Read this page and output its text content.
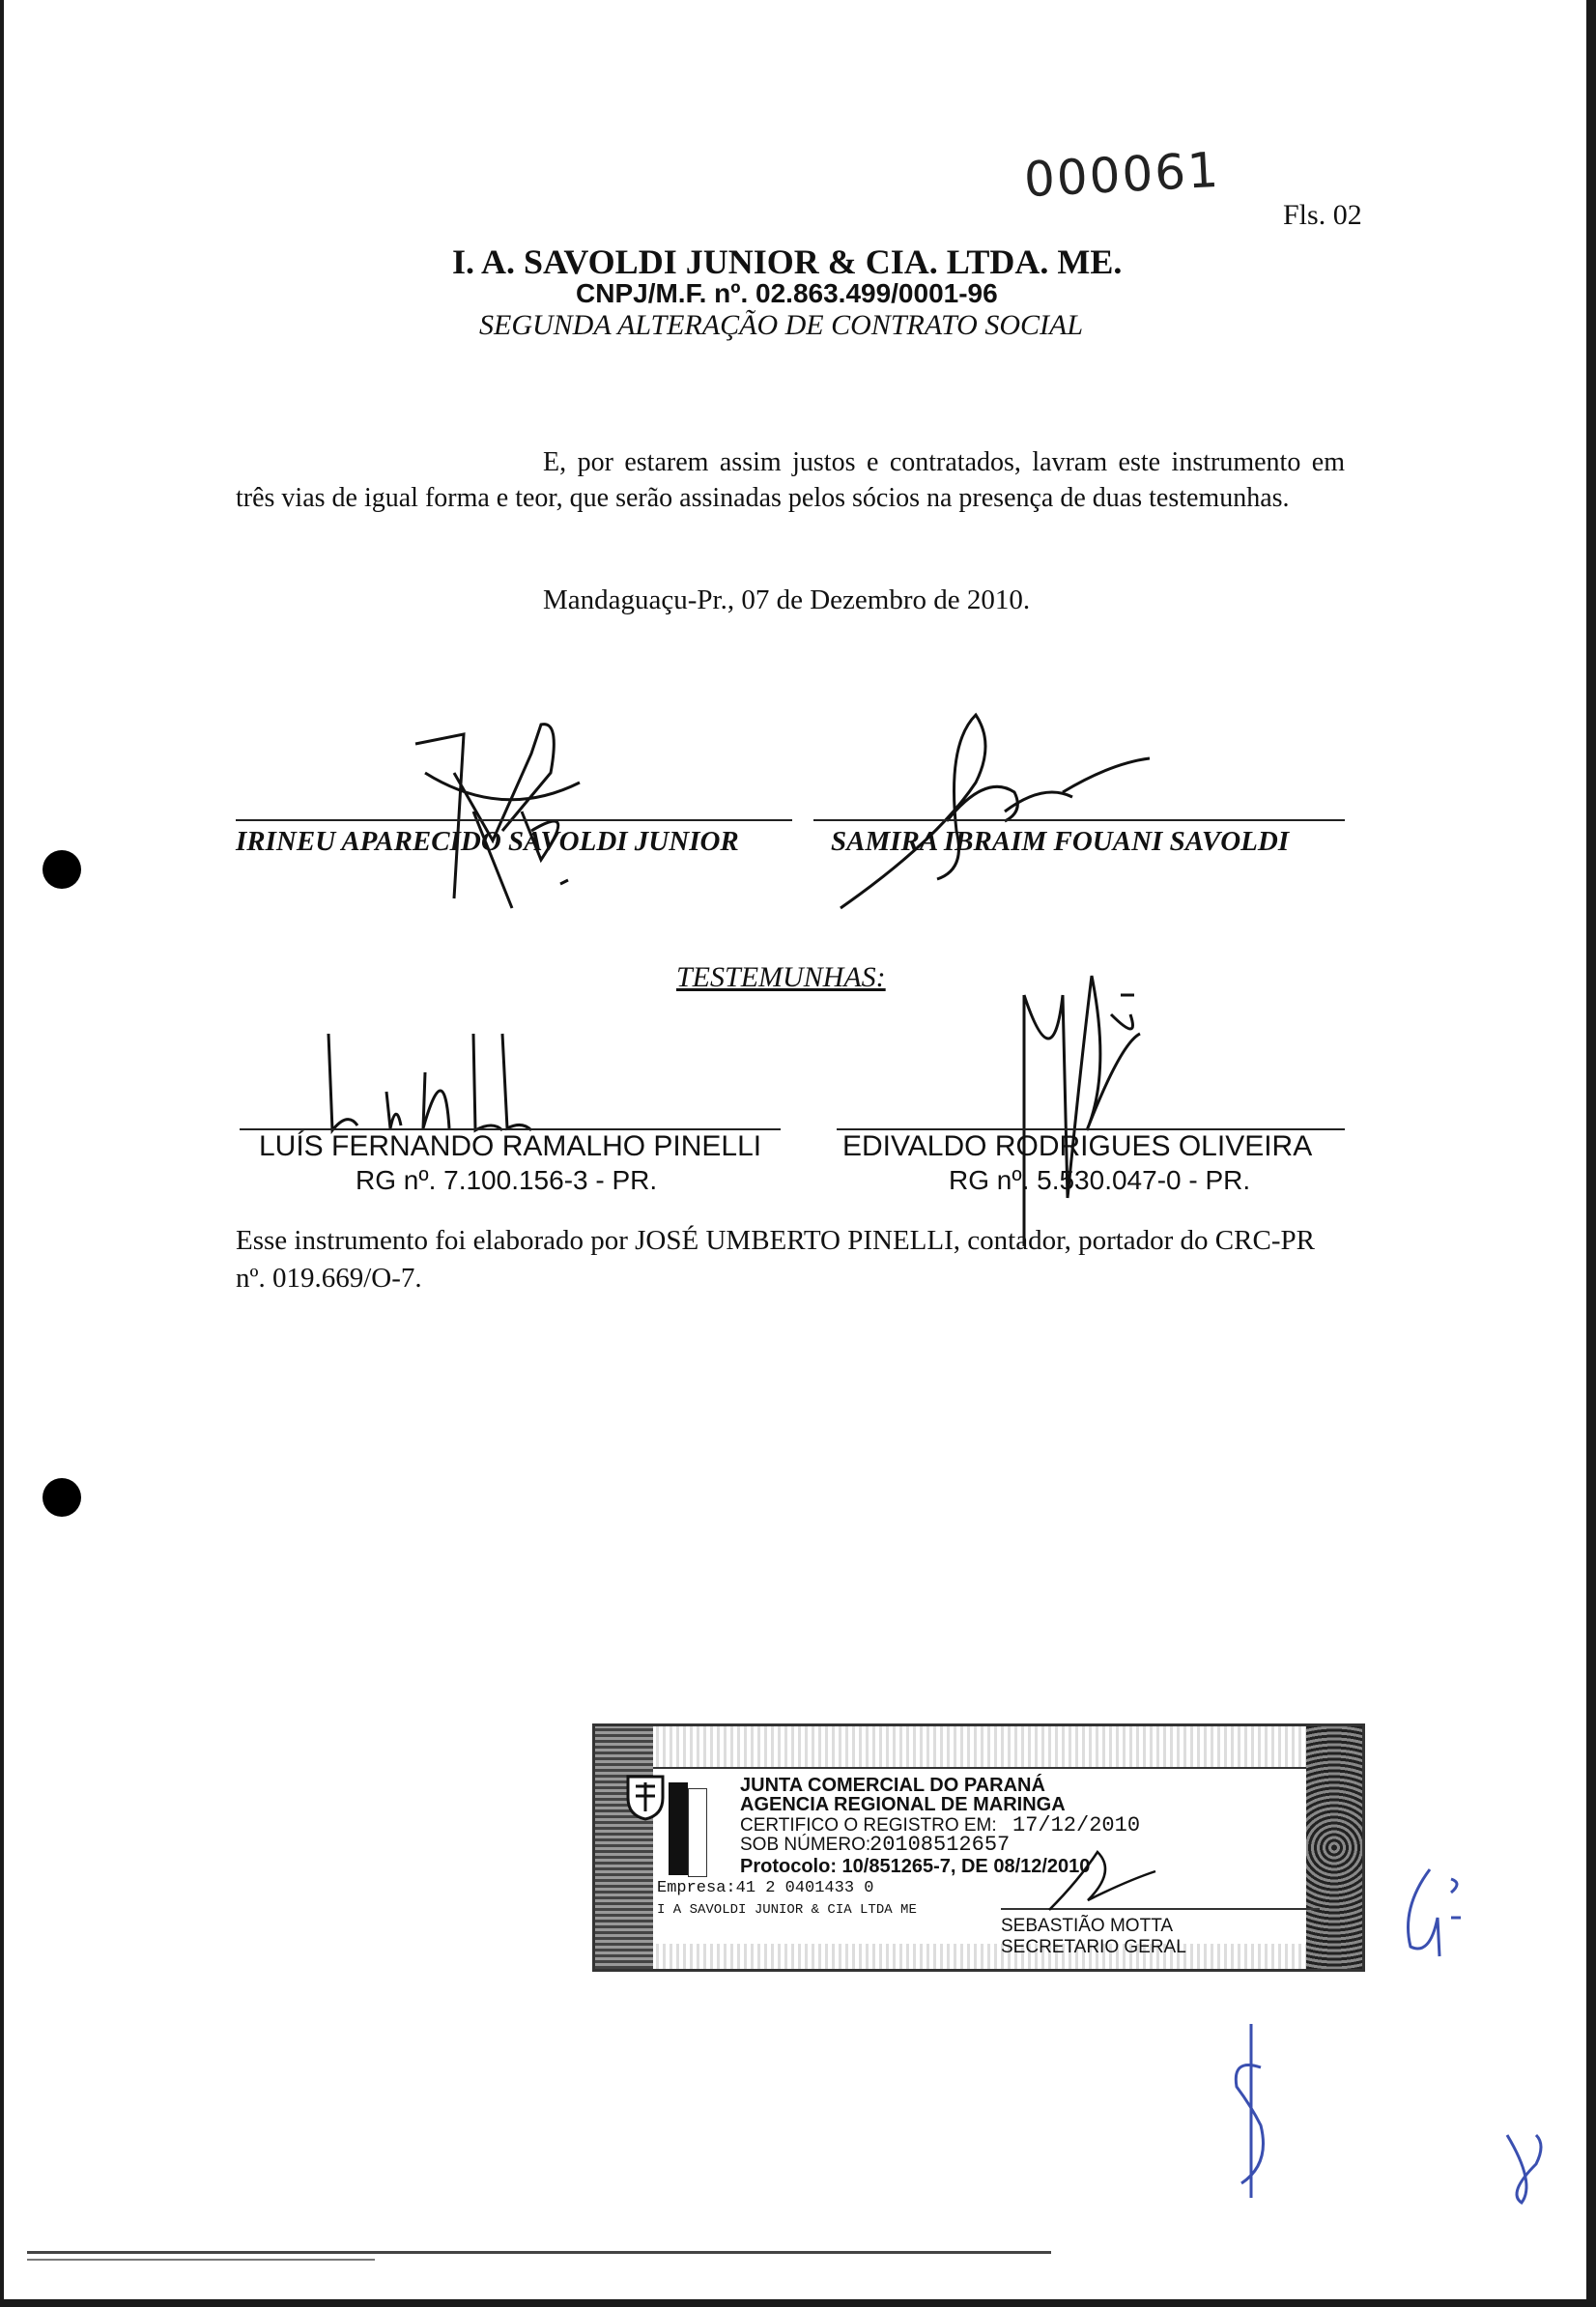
000061
Fls. 02
I. A. SAVOLDI JUNIOR & CIA. LTDA. ME.
CNPJ/M.F. nº. 02.863.499/0001-96
SEGUNDA ALTERAÇÃO DE CONTRATO SOCIAL
E, por estarem assim justos e contratados, lavram este instrumento em três vias de igual forma e teor, que serão assinadas pelos sócios na presença de duas testemunhas.
Mandaguaçu-Pr., 07 de Dezembro de 2010.
IRINEU APARECIDO SAVOLDI JUNIOR	SAMIRA IBRAIM FOUANI SAVOLDI
TESTEMUNHAS:
LUÍS FERNANDO RAMALHO PINELLI
RG nº. 7.100.156-3 - PR.
EDIVALDO RODRIGUES OLIVEIRA
RG nº. 5.530.047-0 - PR.
Esse instrumento foi elaborado por JOSÉ UMBERTO PINELLI, contador, portador do CRC-PR nº. 019.669/O-7.
JUNTA COMERCIAL DO PARANÁ
AGENCIA REGIONAL DE MARINGA
CERTIFICO O REGISTRO EM: 17/12/2010
SOB NÚMERO:
20108512657
Protocolo: 10/851265-7, DE 08/12/2010
Empresa:41 2 0401433 0
I A SAVOLDI JUNIOR & CIA LTDA ME
SEBASTIÃO MOTTA
SECRETARIO GERAL
